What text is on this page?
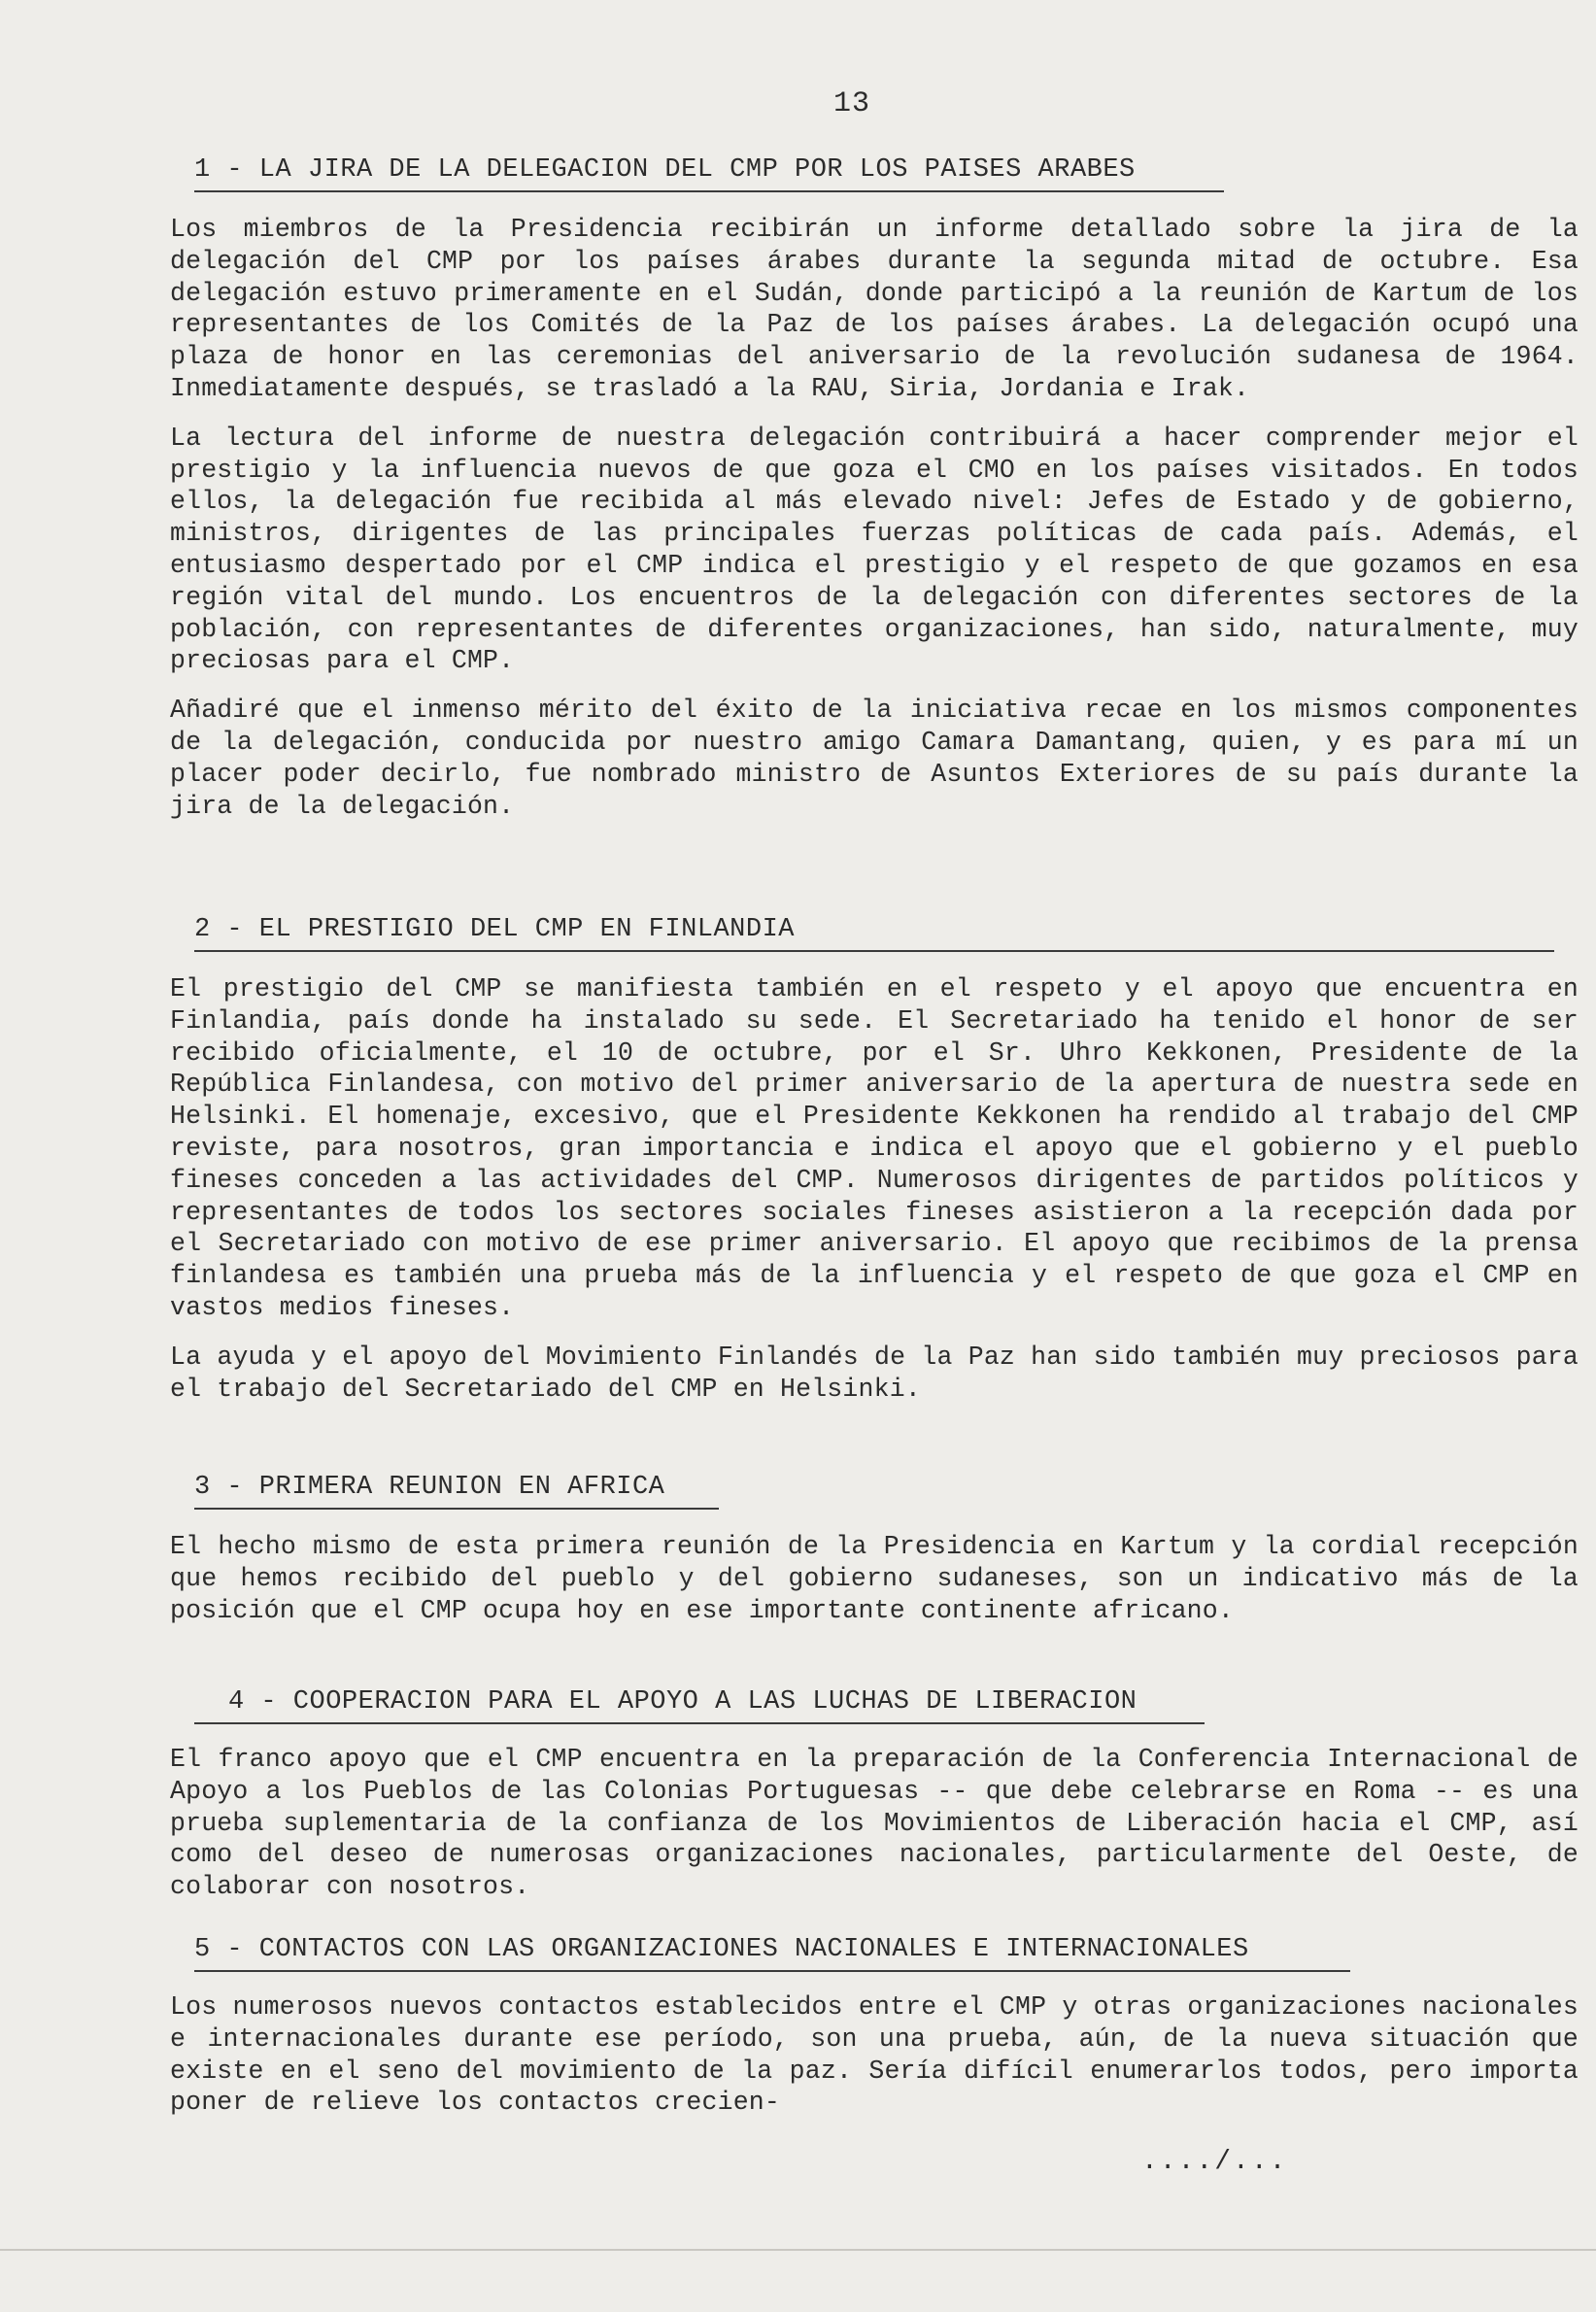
13
1 - LA JIRA DE LA DELEGACION DEL CMP POR LOS PAISES ARABES

Los miembros de la Presidencia recibirán un informe detallado sobre la jira de la delegación del CMP por los países árabes durante la segunda mitad de octubre. Esa delegación estuvo primeramente en el Sudán, donde participó a la reunión de Kartum de los representantes de los Comités de la Paz de los países árabes. La delegación ocupó una plaza de honor en las ceremonias del aniversario de la revolución sudanesa de 1964. Inmediatamente después, se trasladó a la RAU, Siria, Jordania e Irak.

La lectura del informe de nuestra delegación contribuirá a hacer comprender mejor el prestigio y la influencia nuevos de que goza el CMO en los países visitados. En todos ellos, la delegación fue recibida al más elevado nivel: Jefes de Estado y de gobierno, ministros, dirigentes de las principales fuerzas políticas de cada país. Además, el entusiasmo despertado por el CMP indica el prestigio y el respeto de que gozamos en esa región vital del mundo. Los encuentros de la delegación con diferentes sectores de la población, con representantes de diferentes organizaciones, han sido, naturalmente, muy preciosas para el CMP.

Añadiré que el inmenso mérito del éxito de la iniciativa recae en los mismos componentes de la delegación, conducida por nuestro amigo Camara Damantang, quien, y es para mí un placer poder decirlo, fue nombrado ministro de Asuntos Exteriores de su país durante la jira de la delegación.

2 - EL PRESTIGIO DEL CMP EN FINLANDIA

El prestigio del CMP se manifiesta también en el respeto y el apoyo que encuentra en Finlandia, país donde ha instalado su sede. El Secretariado ha tenido el honor de ser recibido oficialmente, el 10 de octubre, por el Sr. Uhro Kekkonen, Presidente de la República Finlandesa, con motivo del primer aniversario de la apertura de nuestra sede en Helsinki. El homenaje, excesivo, que el Presidente Kekkonen ha rendido al trabajo del CMP reviste, para nosotros, gran importancia e indica el apoyo que el gobierno y el pueblo fineses conceden a las actividades del CMP. Numerosos dirigentes de partidos políticos y representantes de todos los sectores sociales fineses asistieron a la recepción dada por el Secretariado con motivo de ese primer aniversario. El apoyo que recibimos de la prensa finlandesa es también una prueba más de la influencia y el respeto de que goza el CMP en vastos medios fineses.

La ayuda y el apoyo del Movimiento Finlandés de la Paz han sido también muy preciosos para el trabajo del Secretariado del CMP en Helsinki.

3 - PRIMERA REUNION EN AFRICA

El hecho mismo de esta primera reunión de la Presidencia en Kartum y la cordial recepción que hemos recibido del pueblo y del gobierno sudaneses, son un indicativo más de la posición que el CMP ocupa hoy en ese importante continente africano.

4 - COOPERACION PARA EL APOYO A LAS LUCHAS DE LIBERACION

El franco apoyo que el CMP encuentra en la preparación de la Conferencia Internacional de Apoyo a los Pueblos de las Colonias Portuguesas -- que debe celebrarse en Roma -- es una prueba suplementaria de la confianza de los Movimientos de Liberación hacia el CMP, así como del deseo de numerosas organizaciones nacionales, particularmente del Oeste, de colaborar con nosotros.

5 - CONTACTOS CON LAS ORGANIZACIONES NACIONALES E INTERNACIONALES

Los numerosos nuevos contactos establecidos entre el CMP y otras organizaciones nacionales e internacionales durante ese período, son una prueba, aún, de la nueva situación que existe en el seno del movimiento de la paz. Sería difícil enumerarlos todos, pero importa poner de relieve los contactos crecien-

..../...
